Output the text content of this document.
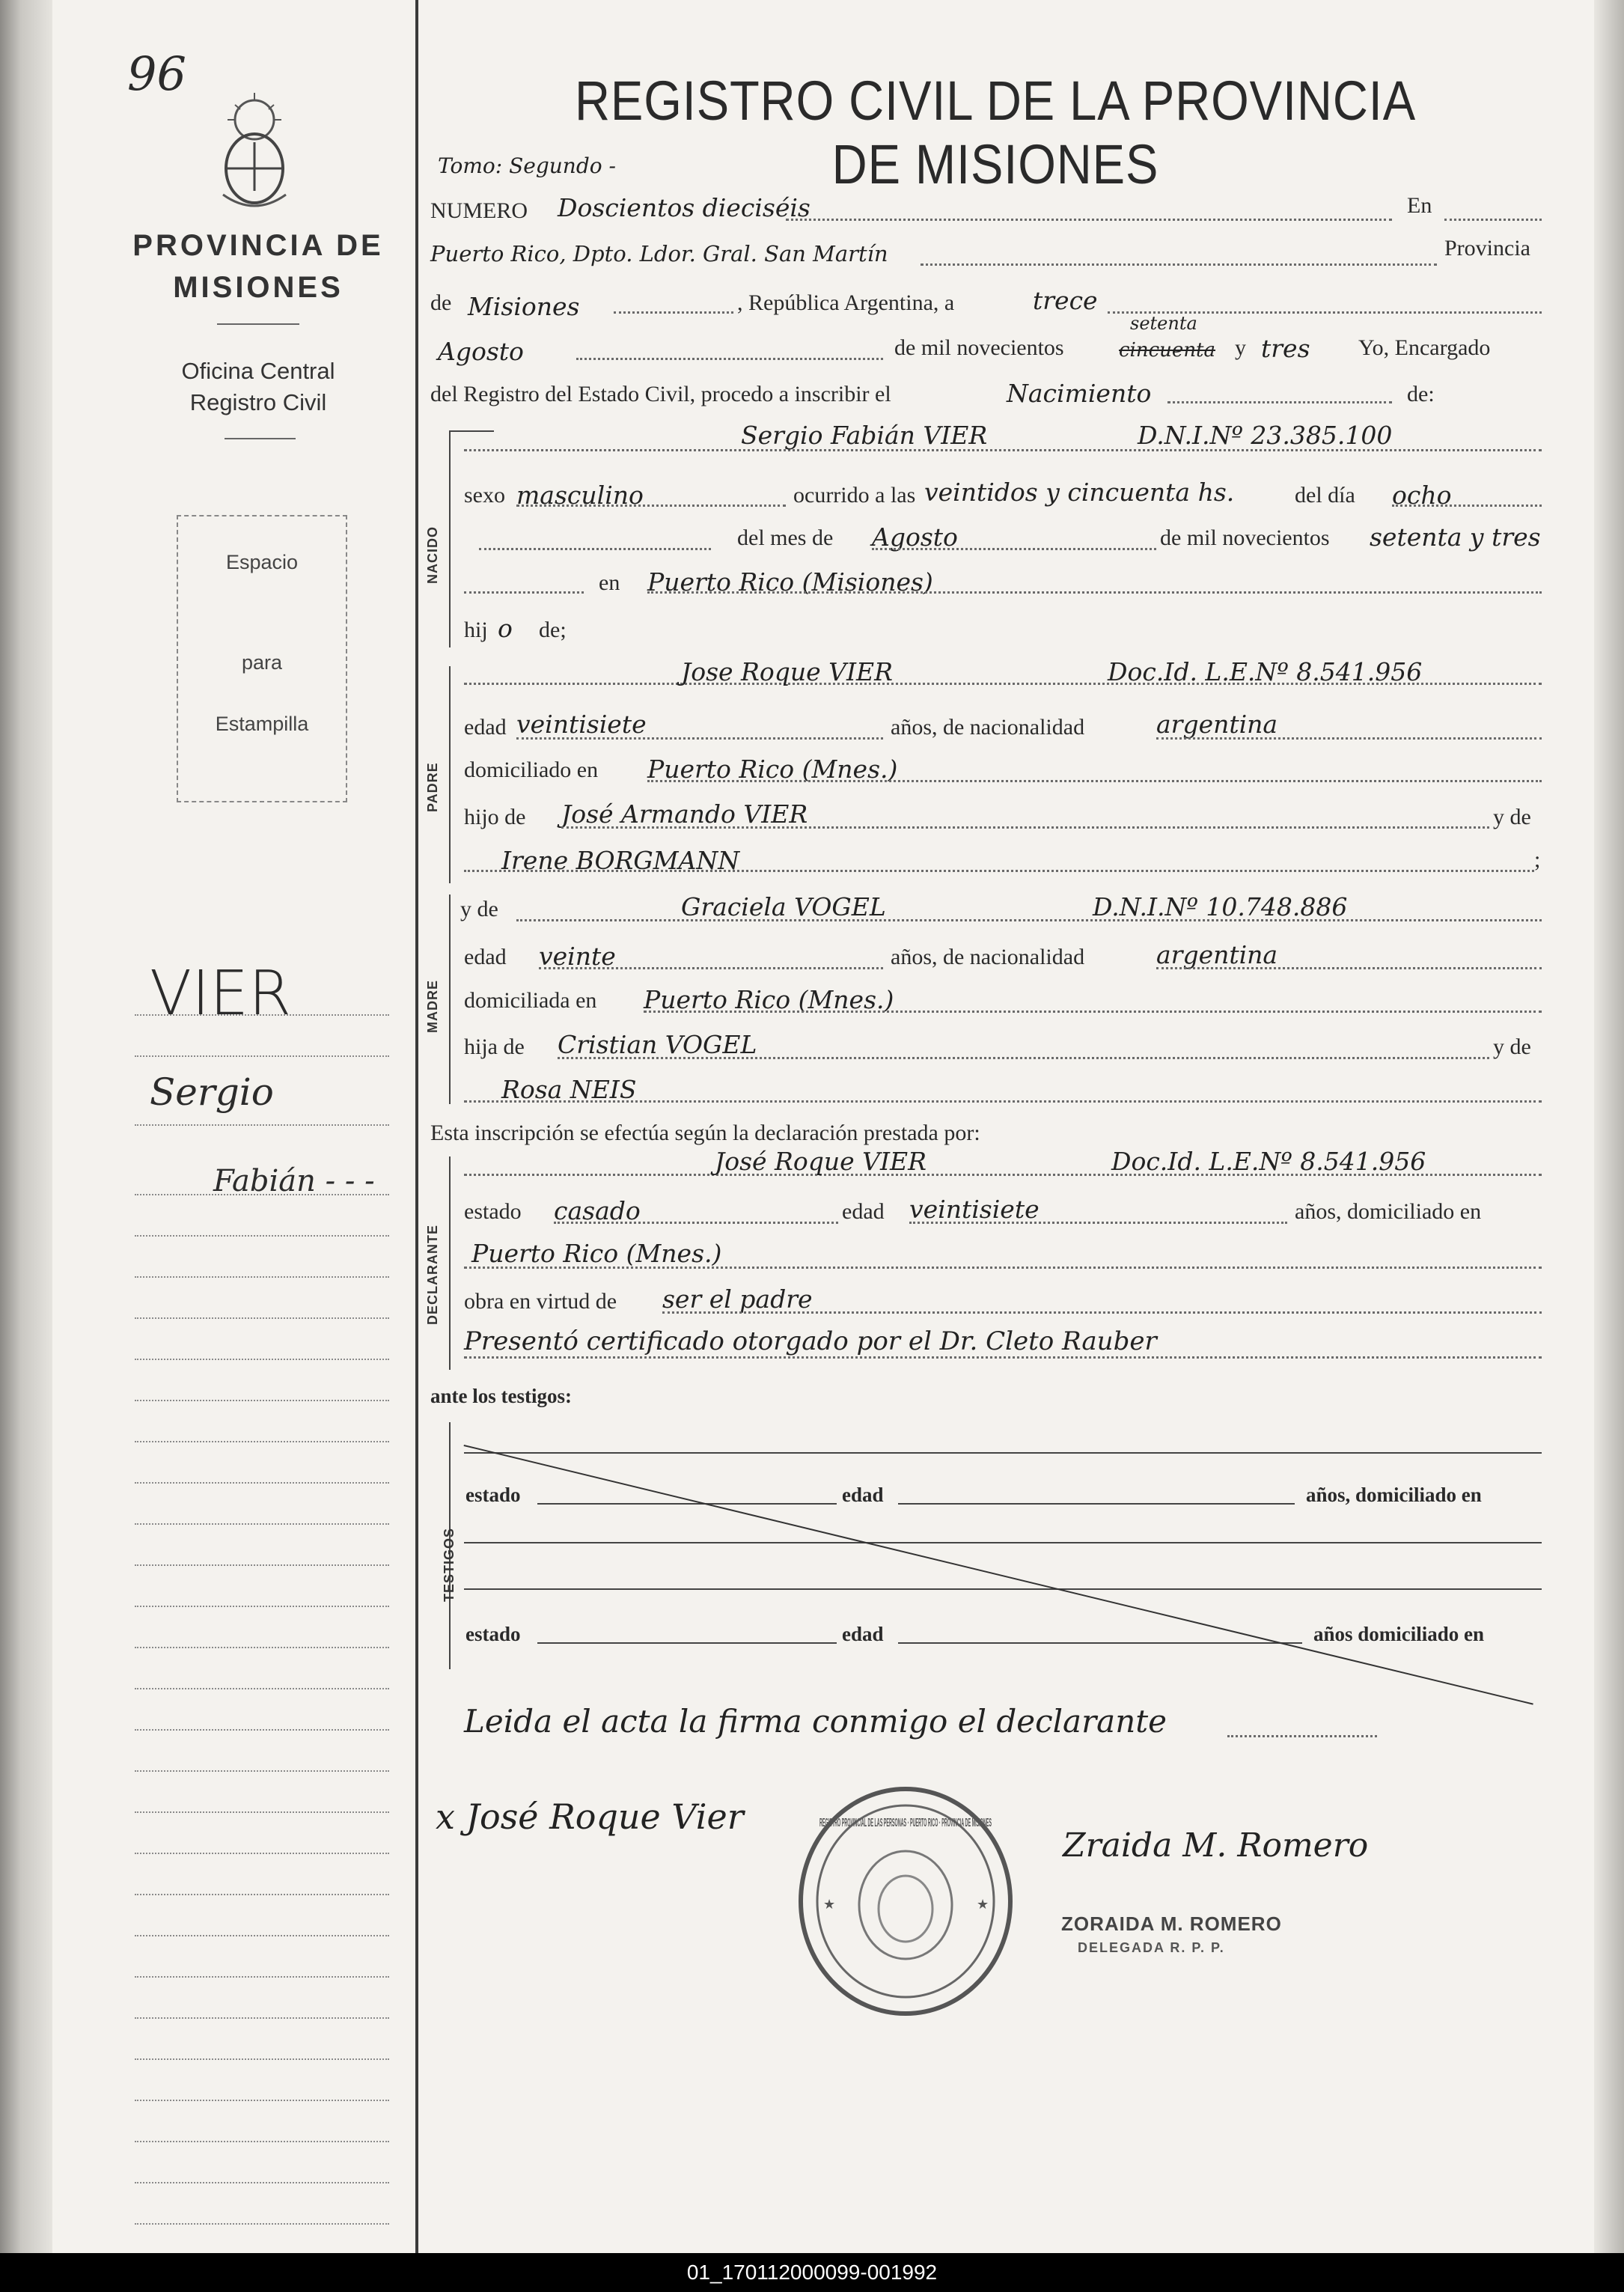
96
PROVINCIA DE
MISIONES
Oficina Central
Registro Civil
Espacio
para
Estampilla
VIER
Sergio
Fabián - - -
REGISTRO CIVIL DE LA PROVINCIA DE MISIONES
Tomo: Segundo -
NUMERO Doscientos dieciséis	En
Puerto Rico, Dpto. Ldor. Gral. San Martín	Provincia
de Misiones	, República Argentina, a	trece
Agosto	de mil novecientos	cincuenta
setenta
y tres Yo, Encargado
del Registro del Estado Civil, procedo a inscribir el	Nacimiento	de:
NACIDO
Sergio Fabián VIER	D.N.I.Nº 23.385.100
sexo masculino	ocurrido a las veintidos y cincuenta hs.	del día ocho
del mes de Agosto	de mil novecientos setenta y tres
en Puerto Rico (Misiones)
hij o de;
PADRE
Jose Roque VIER	Doc.Id. L.E.Nº 8.541.956
edad veintisiete	años, de nacionalidad	argentina
domiciliado en Puerto Rico (Mnes.)
hijo de José Armando VIER	y de
Irene BORGMANN	;
MADRE
y de	Graciela VOGEL	D.N.I.Nº 10.748.886
edad veinte	años, de nacionalidad	argentina
domiciliada en Puerto Rico (Mnes.)
hija de Cristian VOGEL	y de
Rosa NEIS
Esta inscripción se efectúa según la declaración prestada por:
DECLARANTE
José Roque VIER	Doc.Id. L.E.Nº 8.541.956
estado casado	edad veintisiete	años, domiciliado en
Puerto Rico (Mnes.)
obra en virtud de ser el padre
Presentó certificado otorgado por el Dr. Cleto Rauber
ante los testigos:
TESTIGOS
estado	edad	años, domiciliado en
estado	edad	años domiciliado en
Leida el acta la firma conmigo el declarante
x José Roque Vier	REGISTRO PROVINCIAL DE LAS PERSONAS · PUERTO RICO · PROVINCIA DE MISIONES
★	★
Zraida M. Romero
ZORAIDA M. ROMERO
DELEGADA R. P. P.
01_170112000099-001992
